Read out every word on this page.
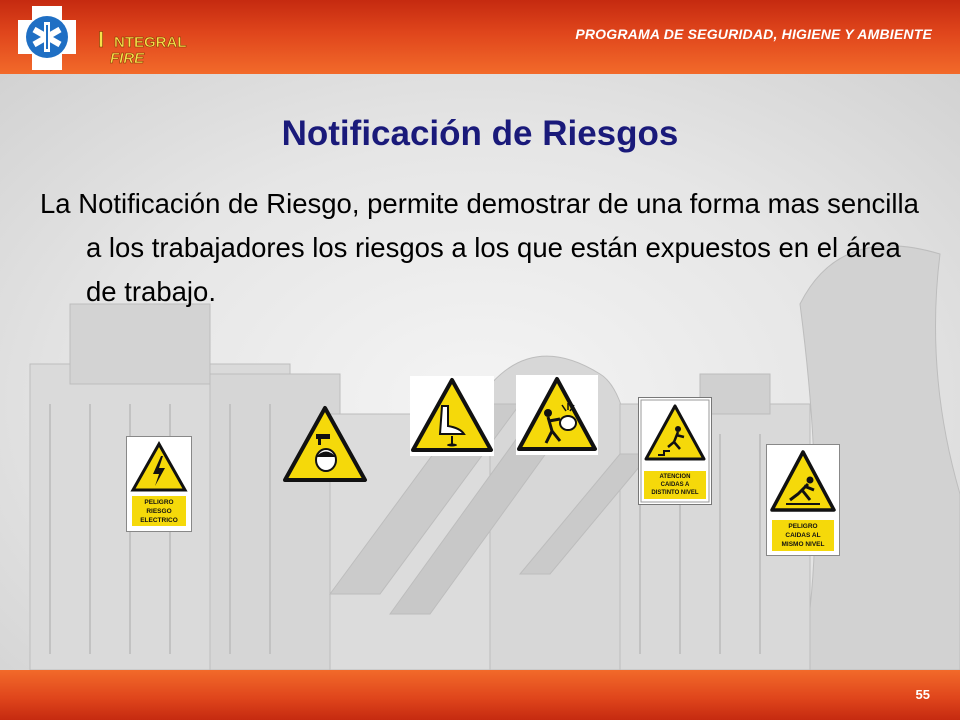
I NTEGRAL
FIRE
PROGRAMA DE SEGURIDAD, HIGIENE Y AMBIENTE
Notificación de Riesgos
La Notificación de Riesgo, permite demostrar de una forma mas sencilla a los trabajadores los riesgos a los que están expuestos en el área de trabajo.
PELIGRO
RIESGO
ELECTRICO
ATENCION
CAIDAS A
DISTINTO NIVEL
PELIGRO
CAIDAS AL
MISMO NIVEL
55
